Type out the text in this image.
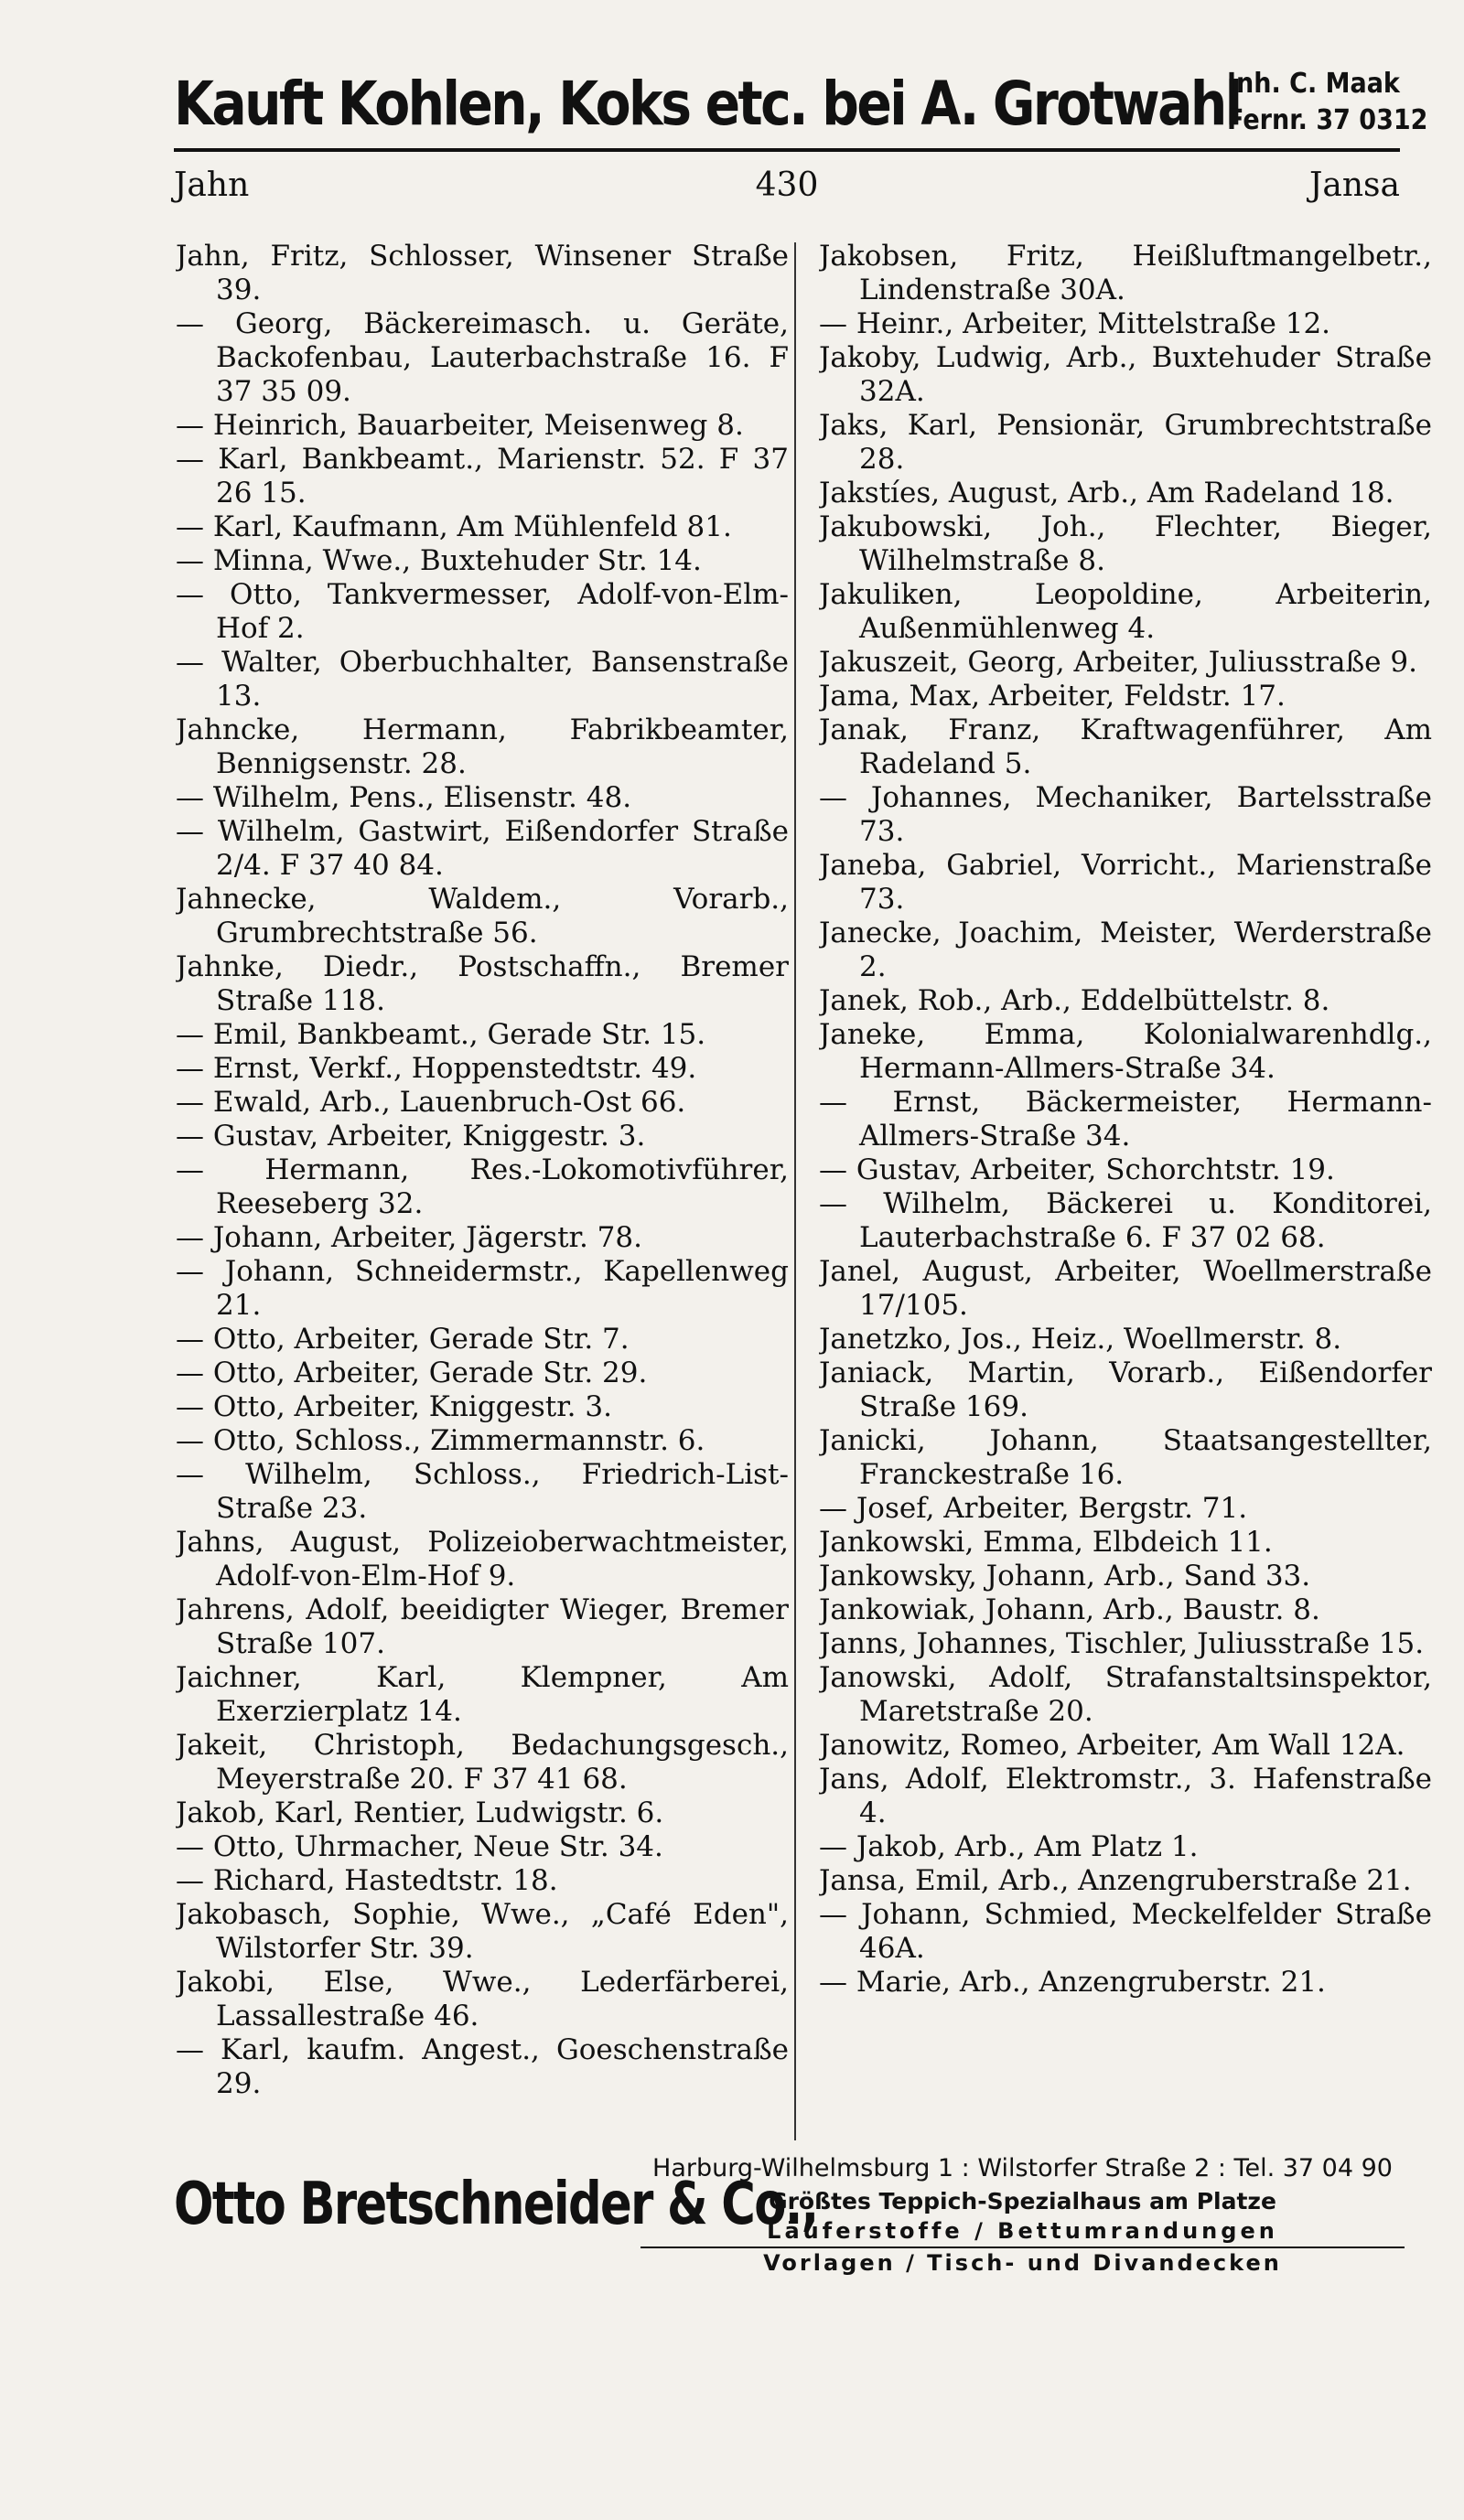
Kauft Kohlen, Koks etc. bei A. Grotwahl
Inh. C. Maak
Fernr. 37 0312
430
Jahn	Jansa

Jahn, Fritz, Schlosser, Winsener Straße 39.

— Georg, Bäckereimasch. u. Geräte, Backofenbau, Lauterbachstraße 16. F 37 35 09.

— Heinrich, Bauarbeiter, Meisenweg 8.

— Karl, Bankbeamt., Marienstr. 52. F 37 26 15.

— Karl, Kaufmann, Am Mühlenfeld 81.

— Minna, Wwe., Buxtehuder Str. 14.

— Otto, Tankvermesser, Adolf-von-Elm-Hof 2.

— Walter, Oberbuchhalter, Bansenstraße 13.

Jahncke, Hermann, Fabrikbeamter, Bennigsenstr. 28.

— Wilhelm, Pens., Elisenstr. 48.

— Wilhelm, Gastwirt, Eißendorfer Straße 2/4. F 37 40 84.

Jahnecke, Waldem., Vorarb., Grumbrechtstraße 56.

Jahnke, Diedr., Postschaffn., Bremer Straße 118.

— Emil, Bankbeamt., Gerade Str. 15.

— Ernst, Verkf., Hoppenstedtstr. 49.

— Ewald, Arb., Lauenbruch-Ost 66.

— Gustav, Arbeiter, Kniggestr. 3.

— Hermann, Res.-Lokomotivführer, Reeseberg 32.

— Johann, Arbeiter, Jägerstr. 78.

— Johann, Schneidermstr., Kapellenweg 21.

— Otto, Arbeiter, Gerade Str. 7.

— Otto, Arbeiter, Gerade Str. 29.

— Otto, Arbeiter, Kniggestr. 3.

— Otto, Schloss., Zimmermannstr. 6.

— Wilhelm, Schloss., Friedrich-List-Straße 23.

Jahns, August, Polizeioberwachtmeister, Adolf-von-Elm-Hof 9.

Jahrens, Adolf, beeidigter Wieger, Bremer Straße 107.

Jaichner, Karl, Klempner, Am Exerzierplatz 14.

Jakeit, Christoph, Bedachungsgesch., Meyerstraße 20. F 37 41 68.

Jakob, Karl, Rentier, Ludwigstr. 6.

— Otto, Uhrmacher, Neue Str. 34.

— Richard, Hastedtstr. 18.

Jakobasch, Sophie, Wwe., „Café Eden", Wilstorfer Str. 39.

Jakobi, Else, Wwe., Lederfärberei, Lassallestraße 46.

— Karl, kaufm. Angest., Goeschenstraße 29.

Jakobsen, Fritz, Heißluftmangelbetr., Lindenstraße 30A.

— Heinr., Arbeiter, Mittelstraße 12.

Jakoby, Ludwig, Arb., Buxtehuder Straße 32A.

Jaks, Karl, Pensionär, Grumbrechtstraße 28.

Jakstíes, August, Arb., Am Radeland 18.

Jakubowski, Joh., Flechter, Bieger, Wilhelmstraße 8.

Jakuliken, Leopoldine, Arbeiterin, Außenmühlenweg 4.

Jakuszeit, Georg, Arbeiter, Juliusstraße 9.

Jama, Max, Arbeiter, Feldstr. 17.

Janak, Franz, Kraftwagenführer, Am Radeland 5.

— Johannes, Mechaniker, Bartelsstraße 73.

Janeba, Gabriel, Vorricht., Marienstraße 73.

Janecke, Joachim, Meister, Werderstraße 2.

Janek, Rob., Arb., Eddelbüttelstr. 8.

Janeke, Emma, Kolonialwarenhdlg., Hermann-Allmers-Straße 34.

— Ernst, Bäckermeister, Hermann-Allmers-Straße 34.

— Gustav, Arbeiter, Schorchtstr. 19.

— Wilhelm, Bäckerei u. Konditorei, Lauterbachstraße 6. F 37 02 68.

Janel, August, Arbeiter, Woellmerstraße 17/105.

Janetzko, Jos., Heiz., Woellmerstr. 8.

Janiack, Martin, Vorarb., Eißendorfer Straße 169.

Janicki, Johann, Staatsangestellter, Franckestraße 16.

— Josef, Arbeiter, Bergstr. 71.

Jankowski, Emma, Elbdeich 11.

Jankowsky, Johann, Arb., Sand 33.

Jankowiak, Johann, Arb., Baustr. 8.

Janns, Johannes, Tischler, Juliusstraße 15.

Janowski, Adolf, Strafanstaltsinspektor, Maretstraße 20.

Janowitz, Romeo, Arbeiter, Am Wall 12A.

Jans, Adolf, Elektromstr., 3. Hafenstraße 4.

— Jakob, Arb., Am Platz 1.

Jansa, Emil, Arb., Anzengruberstraße 21.

— Johann, Schmied, Meckelfelder Straße 46A.

— Marie, Arb., Anzengruberstr. 21.

Otto Bretschneider & Co.,
Harburg-Wilhelmsburg 1 : Wilstorfer Straße 2 : Tel. 37 04 90
Größtes Teppich-Spezialhaus am Platze
Läuferstoffe / Bettumrandungen
Vorlagen / Tisch- und Divandecken
